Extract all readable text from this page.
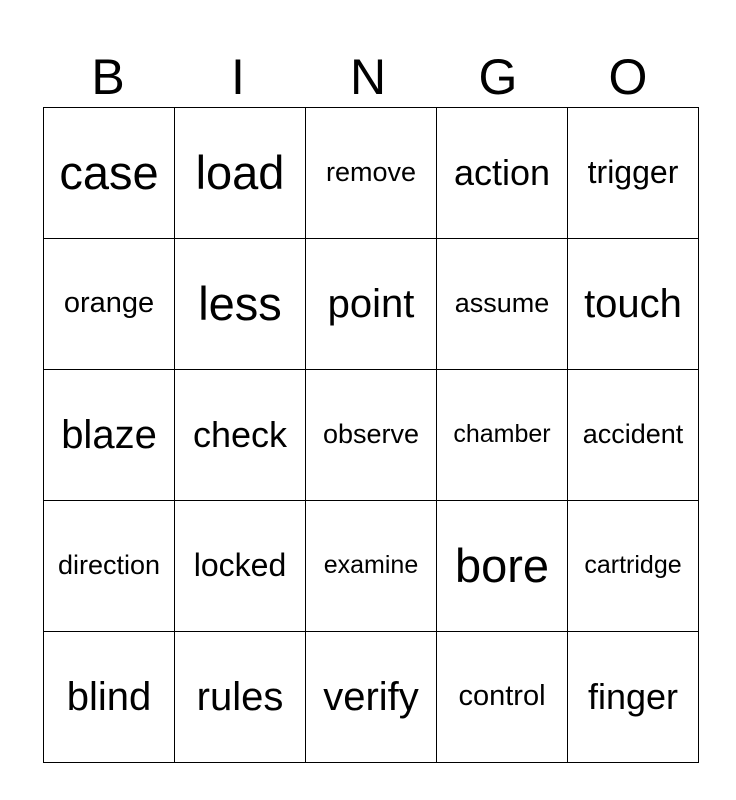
B	I	N	G	O
case	load	remove	action	trigger
orange	less	point	assume	touch
blaze	check	observe	chamber	accident
direction	locked	examine	bore	cartridge
blind	rules	verify	control	finger
